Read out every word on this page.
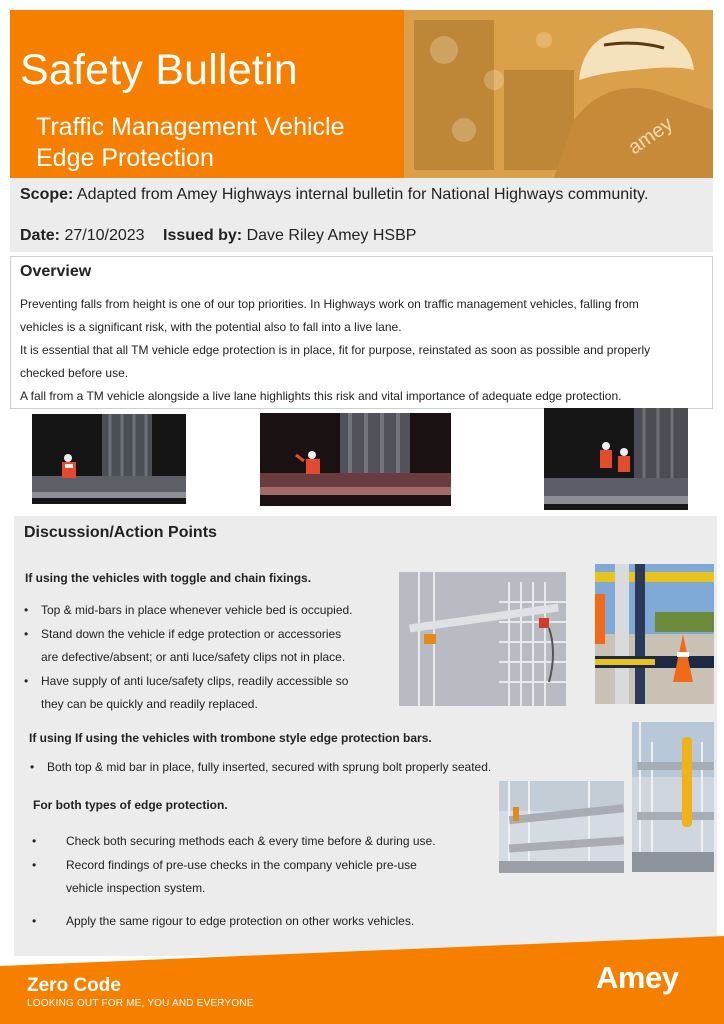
Safety Bulletin
Traffic Management Vehicle
Edge Protection	amey
Scope: Adapted from Amey Highways internal bulletin for National Highways community.
Date: 27/10/2023 Issued by: Dave Riley Amey HSBP
Overview

Preventing falls from height is one of our top priorities. In Highways work on traffic management vehicles, falling from
vehicles is a significant risk, with the potential also to fall into a live lane.

It is essential that all TM vehicle edge protection is in place, fit for purpose, reinstated as soon as possible and properly
checked before use.

A fall from a TM vehicle alongside a live lane highlights this risk and vital importance of adequate edge protection.

Discussion/Action Points
If using the vehicles with toggle and chain fixings.
• Top & mid-bars in place whenever vehicle bed is occupied.
• Stand down the vehicle if edge protection or accessories
are defective/absent; or anti luce/safety clips not in place.
• Have supply of anti luce/safety clips, readily accessible so
they can be quickly and readily replaced.
If using If using the vehicles with trombone style edge protection bars.
• Both top & mid bar in place, fully inserted, secured with sprung bolt properly seated.
For both types of edge protection.
• Check both securing methods each & every time before & during use.
• Record findings of pre-use checks in the company vehicle pre-use
vehicle inspection system.
• Apply the same rigour to edge protection on other works vehicles.
Zero Code
LOOKING OUT FOR ME, YOU AND EVERYONE
Amey
